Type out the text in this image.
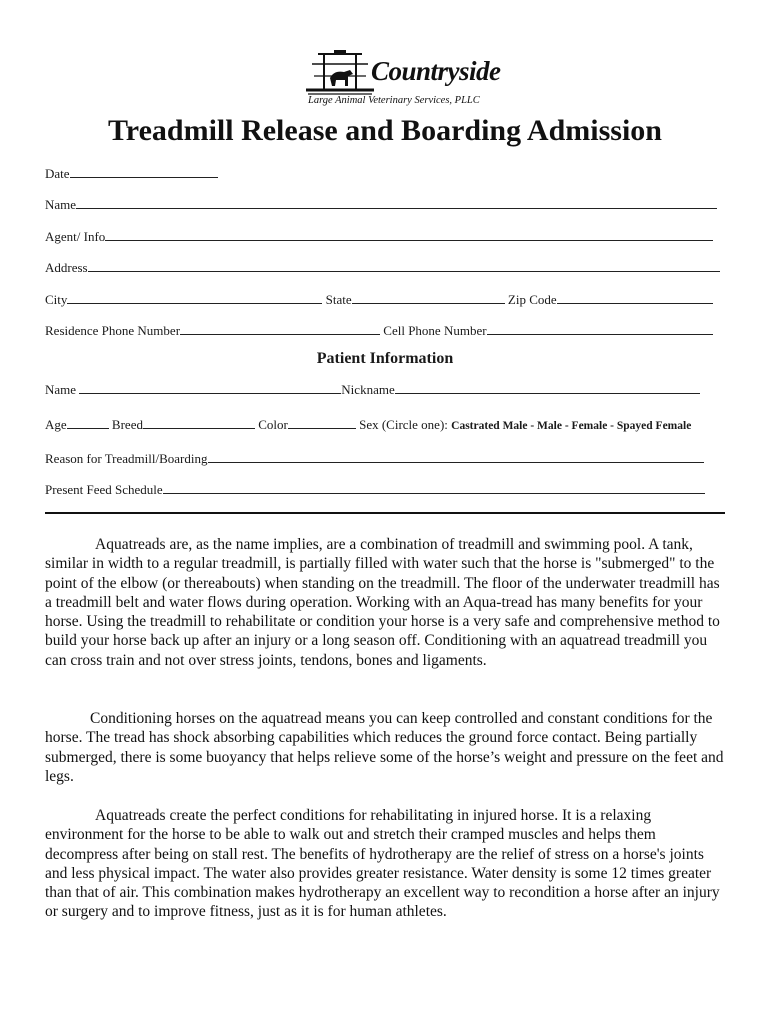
Countryside
Large Animal Veterinary Services, PLLC
Treadmill Release and Boarding Admission
Date
Name
Agent/ Info
Address
City	State	Zip Code
Residence Phone Number	Cell Phone Number
Patient Information
Name	Nickname
Age	Breed	Color	Sex (Circle one): Castrated Male - Male - Female - Spayed Female
Reason for Treadmill/Boarding
Present Feed Schedule
Aquatreads are, as the name implies, are a combination of treadmill and swimming pool. A tank, similar in width to a regular treadmill, is partially filled with water such that the horse is "submerged" to the point of the elbow (or thereabouts) when standing on the treadmill. The floor of the underwater treadmill has a treadmill belt and water flows during operation. Working with an Aqua-tread has many benefits for your horse. Using the treadmill to rehabilitate or condition your horse is a very safe and comprehensive method to build your horse back up after an injury or a long season off. Conditioning with an aquatread treadmill you can cross train and not over stress joints, tendons, bones and ligaments.
Conditioning horses on the aquatread means you can keep controlled and constant conditions for the horse. The tread has shock absorbing capabilities which reduces the ground force contact. Being partially submerged, there is some buoyancy that helps relieve some of the horse’s weight and pressure on the feet and legs.
Aquatreads create the perfect conditions for rehabilitating in injured horse. It is a relaxing environment for the horse to be able to walk out and stretch their cramped muscles and helps them decompress after being on stall rest. The benefits of hydrotherapy are the relief of stress on a horse's joints and less physical impact. The water also provides greater resistance. Water density is some 12 times greater than that of air. This combination makes hydrotherapy an excellent way to recondition a horse after an injury or surgery and to improve fitness, just as it is for human athletes.
